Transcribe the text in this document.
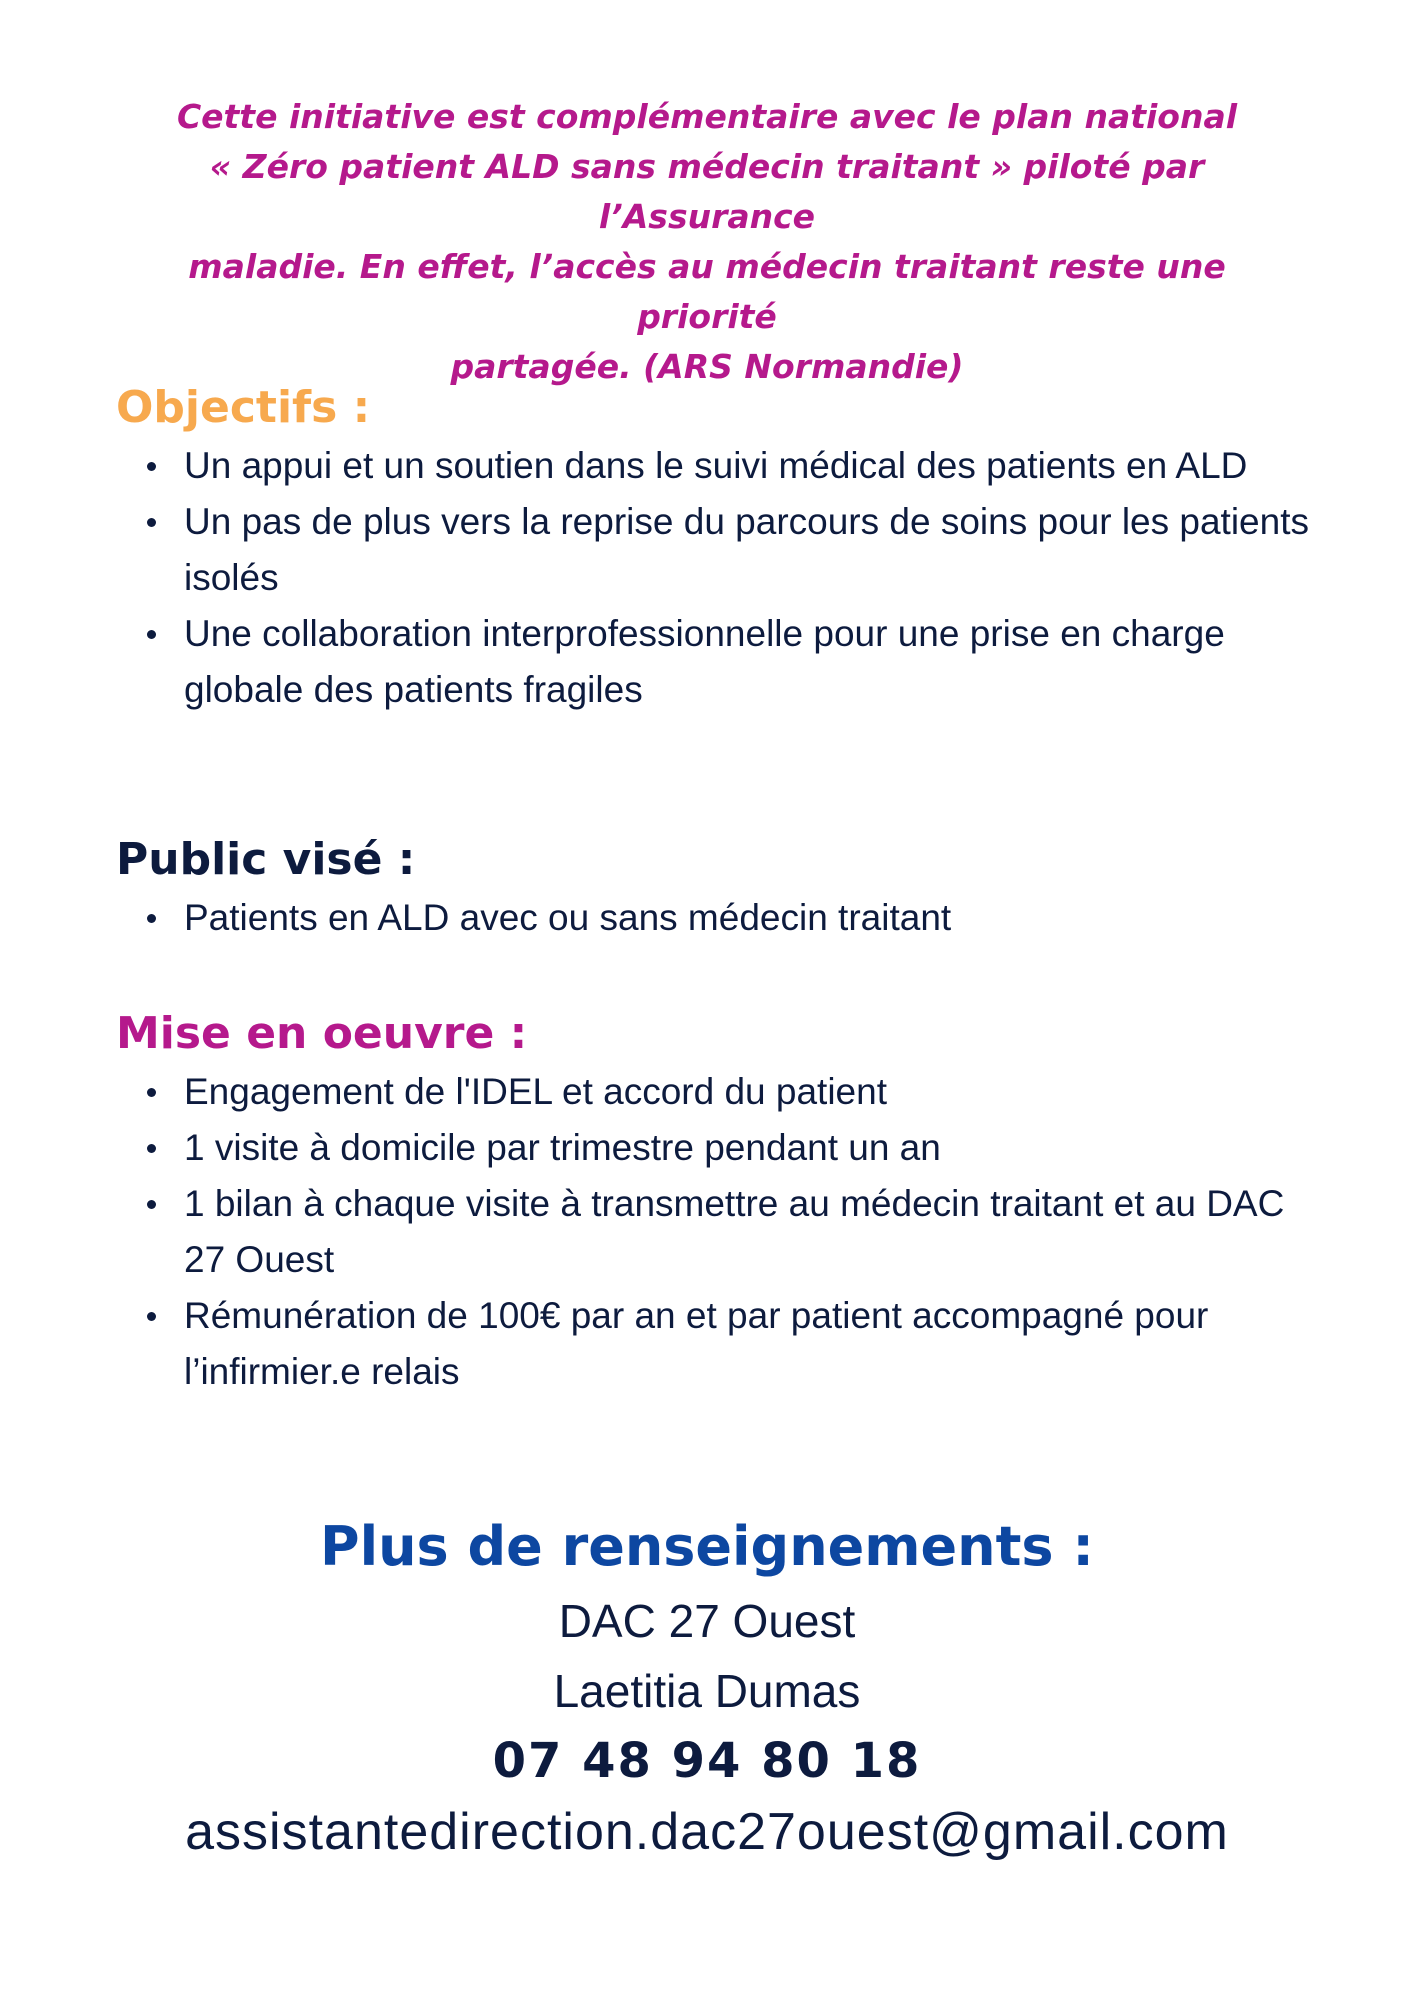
Cette initiative est complémentaire avec le plan national

« Zéro patient ALD sans médecin traitant » piloté par l’Assurance

maladie. En effet, l’accès au médecin traitant reste une priorité

partagée. (ARS Normandie)

Objectifs :
Un appui et un soutien dans le suivi médical des patients en ALD
Un pas de plus vers la reprise du parcours de soins pour les patients isolés
Une collaboration interprofessionnelle pour une prise en charge globale des patients fragiles
Public visé :
Patients en ALD avec ou sans médecin traitant
Mise en oeuvre :
Engagement de l'IDEL et accord du patient
1 visite à domicile par trimestre pendant un an
1 bilan à chaque visite à transmettre au médecin traitant et au DAC 27 Ouest
Rémunération de 100€ par an et par patient accompagné pour l’infirmier.e relais
Plus de renseignements :
DAC 27 Ouest
Laetitia Dumas
07 48 94 80 18
assistantedirection.dac27ouest@gmail.com
